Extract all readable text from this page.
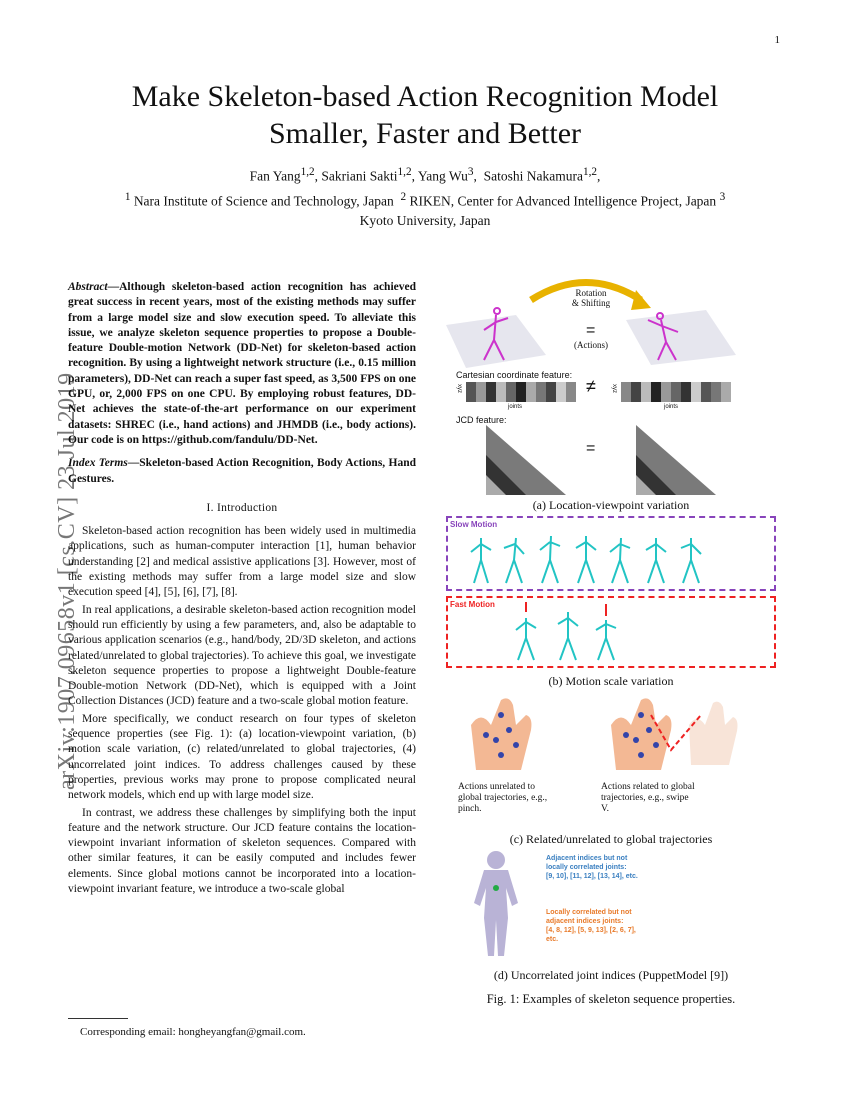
1
Make Skeleton-based Action Recognition Model
Smaller, Faster and Better
Fan Yang$^{1,2}$, Sakriani Sakti$^{1,2}$, Yang Wu$^3$,  Satoshi Nakamura$^{1,2}$,
$^1$ Nara Institute of Science and Technology, Japan $^2$ RIKEN, Center for Advanced Intelligence Project, Japan $^3$
Kyoto University, Japan
arXiv:1907.09658v1 [cs.CV] 23 Jul 2019
Abstract—Although skeleton-based action recognition has achieved great success in recent years, most of the existing methods may suffer from a large model size and slow execution speed. To alleviate this issue, we analyze skeleton sequence properties to propose a Double-feature Double-motion Network (DD-Net) for skeleton-based action recognition. By using a lightweight network structure (i.e., 0.15 million parameters), DD-Net can reach a super fast speed, as 3,500 FPS on one GPU, or, 2,000 FPS on one CPU. By employing robust features, DD-Net achieves the state-of-the-art performance on our experiment datasets: SHREC (i.e., hand actions) and JHMDB (i.e., body actions). Our code is on https://github.com/fandulu/DD-Net.
Index Terms—Skeleton-based Action Recognition, Body Actions, Hand Gestures.
I. Introduction

Skeleton-based action recognition has been widely used in multimedia applications, such as human-computer interaction [1], human behavior understanding [2] and medical assistive applications [3]. However, most of the existing methods may suffer from a large model size and slow execution speed [4], [5], [6], [7], [8].

In real applications, a desirable skeleton-based action recognition model should run efficiently by using a few parameters, and, also be adaptable to various application scenarios (e.g., hand/body, 2D/3D skeleton, and actions related/unrelated to global trajectories). To achieve this goal, we investigate skeleton sequence properties to propose a lightweight Double-feature Double-motion Network (DD-Net), which is equipped with a Joint Collection Distances (JCD) feature and a two-scale global motion feature.

More specifically, we conduct research on four types of skeleton sequence properties (see Fig. 1): (a) location-viewpoint variation, (b) motion scale variation, (c) related/unrelated to global trajectories, (4) uncorrelated joint indices. To address challenges caused by these properties, previous works may prone to propose complicated neural network models, which end up with large model size.

In contrast, we address these challenges by simplifying both the input feature and the network structure. Our JCD feature contains the location-viewpoint invariant information of skeleton sequences. Compared with other similar features, it can be easily computed and includes fewer elements. Since global motions cannot be incorporated into a location-viewpoint invariant feature, we introduce a two-scale global

Corresponding email: hongheyangfan@gmail.com.
Rotation
& Shifting
=
(Actions)
Cartesian coordinate feature:
xyz
joints
≠	xyz
joints
JCD feature:
=
(a) Location-viewpoint variation
Slow Motion
Fast Motion
(b) Motion scale variation
Actions unrelated to global trajectories, e.g., pinch.
Actions related to global trajectories, e.g., swipe V.
(c) Related/unrelated to global trajectories
Adjacent indices but not locally correlated joints:
[9, 10], [11, 12], [13, 14], etc.
Locally correlated but not adjacent indices joints:
[4, 8, 12], [5, 9, 13], [2, 6, 7], etc.
(d) Uncorrelated joint indices (PuppetModel [9])
Fig. 1: Examples of skeleton sequence properties.
